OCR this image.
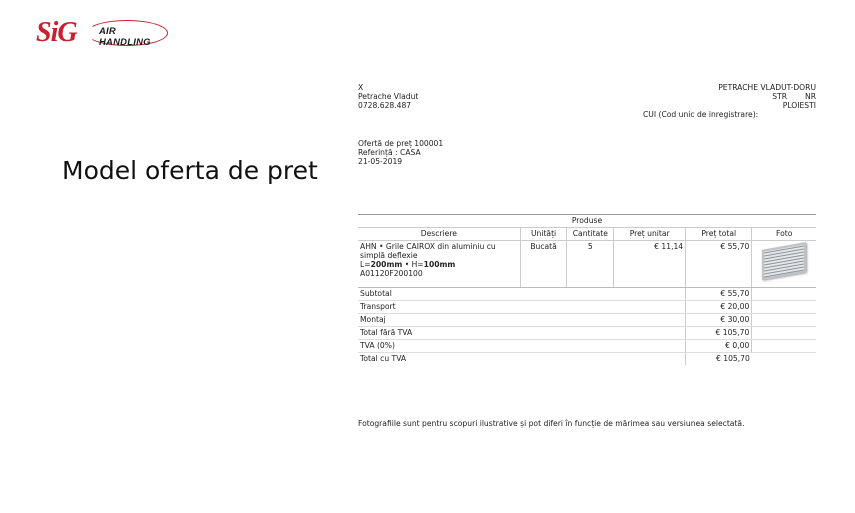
SiG AIR HANDLING
Model oferta de pret
X
Petrache Vladut
0728.628.487
PETRACHE VLADUT-DORU
STR NR
PLOIESTI
CUI (Cod unic de inregistrare):
Ofertă de preț 100001
Referință : CASA
21-05-2019
Produse					
Descriere	Unități	Cantitate	Preț unitar	Preț total	Foto

AHN • Grile CAIROX din aluminiu cu simplă deflexie
L=200mm • H=100mm
A01120F200100	Bucată	5	€ 11,14	€ 55,70	

Subtotal				€ 55,70	
Transport				€ 20,00	
Montaj				€ 30,00	
Total fără TVA				€ 105,70	
TVA (0%)				€ 0,00	
Total cu TVA				€ 105,70	
Fotografiile sunt pentru scopuri ilustrative și pot diferi în funcție de mărimea sau versiunea selectată.
